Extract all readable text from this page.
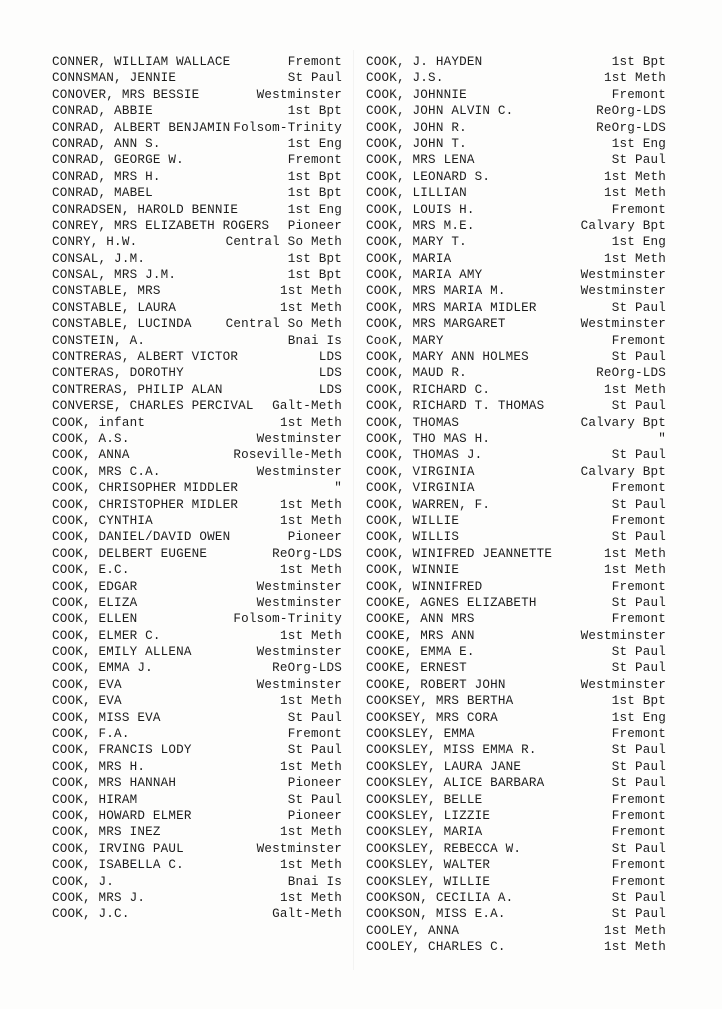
CONNER, WILLIAM WALLACE	Fremont
CONNSMAN, JENNIE	St Paul
CONOVER, MRS BESSIE	Westminster
CONRAD, ABBIE	1st Bpt
CONRAD, ALBERT BENJAMIN Folsom-Trinity
CONRAD, ANN S.	1st Eng
CONRAD, GEORGE W.	Fremont
CONRAD, MRS H.	1st Bpt
CONRAD, MABEL	1st Bpt
CONRADSEN, HAROLD BENNIE	1st Eng
CONREY, MRS ELIZABETH ROGERS Pioneer
CONRY, H.W.	Central So Meth
CONSAL, J.M.	1st Bpt
CONSAL, MRS J.M.	1st Bpt
CONSTABLE, MRS	1st Meth
CONSTABLE, LAURA	1st Meth
CONSTABLE, LUCINDA	Central So Meth
CONSTEIN, A.	Bnai Is
CONTRERAS, ALBERT VICTOR	LDS
CONTERAS, DOROTHY	LDS
CONTRERAS, PHILIP ALAN	LDS
CONVERSE, CHARLES PERCIVAL Galt-Meth
COOK, infant	1st Meth
COOK, A.S.	Westminster
COOK, ANNA	Roseville-Meth
COOK, MRS C.A.	Westminster
COOK, CHRISOPHER MIDDLER	"
COOK, CHRISTOPHER MIDLER	1st Meth
COOK, CYNTHIA	1st Meth
COOK, DANIEL/DAVID OWEN	Pioneer
COOK, DELBERT EUGENE	ReOrg-LDS
COOK, E.C.	1st Meth
COOK, EDGAR	Westminster
COOK, ELIZA	Westminster
COOK, ELLEN	Folsom-Trinity
COOK, ELMER C.	1st Meth
COOK, EMILY ALLENA	Westminster
COOK, EMMA J.	ReOrg-LDS
COOK, EVA	Westminster
COOK, EVA	1st Meth
COOK, MISS EVA	St Paul
COOK, F.A.	Fremont
COOK, FRANCIS LODY	St Paul
COOK, MRS H.	1st Meth
COOK, MRS HANNAH	Pioneer
COOK, HIRAM	St Paul
COOK, HOWARD ELMER	Pioneer
COOK, MRS INEZ	1st Meth
COOK, IRVING PAUL	Westminster
COOK, ISABELLA C.	1st Meth
COOK, J.	Bnai Is
COOK, MRS J.	1st Meth
COOK, J.C.	Galt-Meth
COOK, J. HAYDEN	1st Bpt
COOK, J.S.	1st Meth
COOK, JOHNNIE	Fremont
COOK, JOHN ALVIN C.	ReOrg-LDS
COOK, JOHN R.	ReOrg-LDS
COOK, JOHN T.	1st Eng
COOK, MRS LENA	St Paul
COOK, LEONARD S.	1st Meth
COOK, LILLIAN	1st Meth
COOK, LOUIS H.	Fremont
COOK, MRS M.E.	Calvary Bpt
COOK, MARY T.	1st Eng
COOK, MARIA	1st Meth
COOK, MARIA AMY	Westminster
COOK, MRS MARIA M.	Westminster
COOK, MRS MARIA MIDLER	St Paul
COOK, MRS MARGARET	Westminster
CooK, MARY	Fremont
COOK, MARY ANN HOLMES	St Paul
COOK, MAUD R.	ReOrg-LDS
COOK, RICHARD C.	1st Meth
COOK, RICHARD T. THOMAS	St Paul
COOK, THOMAS	Calvary Bpt
COOK, THO MAS H.	"
COOK, THOMAS J.	St Paul
COOK, VIRGINIA	Calvary Bpt
COOK, VIRGINIA	Fremont
COOK, WARREN, F.	St Paul
COOK, WILLIE	Fremont
COOK, WILLIS	St Paul
COOK, WINIFRED JEANNETTE	1st Meth
COOK, WINNIE	1st Meth
COOK, WINNIFRED	Fremont
COOKE, AGNES ELIZABETH	St Paul
COOKE, ANN MRS	Fremont
COOKE, MRS ANN	Westminster
COOKE, EMMA E.	St Paul
COOKE, ERNEST	St Paul
COOKE, ROBERT JOHN	Westminster
COOKSEY, MRS BERTHA	1st Bpt
COOKSEY, MRS CORA	1st Eng
COOKSLEY, EMMA	Fremont
COOKSLEY, MISS EMMA R.	St Paul
COOKSLEY, LAURA JANE	St Paul
COOKSLEY, ALICE BARBARA	St Paul
COOKSLEY, BELLE	Fremont
COOKSLEY, LIZZIE	Fremont
COOKSLEY, MARIA	Fremont
COOKSLEY, REBECCA W.	St Paul
COOKSLEY, WALTER	Fremont
COOKSLEY, WILLIE	Fremont
COOKSON, CECILIA A.	St Paul
COOKSON, MISS E.A.	St Paul
COOLEY, ANNA	1st Meth
COOLEY, CHARLES C.	1st Meth
